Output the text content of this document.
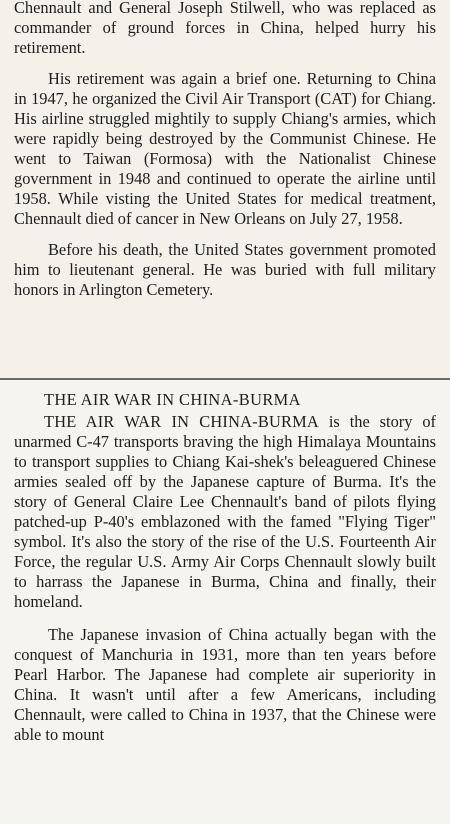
Chennault and General Joseph Stilwell, who was replaced as commander of ground forces in China, helped hurry his retirement.

His retirement was again a brief one. Returning to China in 1947, he organized the Civil Air Transport (CAT) for Chiang. His airline struggled mightily to supply Chiang's armies, which were rapidly being destroyed by the Communist Chinese. He went to Taiwan (Formosa) with the Nationalist Chinese government in 1948 and continued to operate the airline until 1958. While visting the United States for medical treatment, Chennault died of cancer in New Orleans on July 27, 1958.

Before his death, the United States government promoted him to lieutenant general. He was buried with full military honors in Arlington Cemetery.

THE AIR WAR IN CHINA-BURMA

THE AIR WAR IN CHINA-BURMA is the story of unarmed C-47 transports braving the high Himalaya Mountains to transport supplies to Chiang Kai-shek's beleaguered Chinese armies sealed off by the Japanese capture of Burma. It's the story of General Claire Lee Chennault's band of pilots flying patched-up P-40's emblazoned with the famed "Flying Tiger" symbol. It's also the story of the rise of the U.S. Fourteenth Air Force, the regular U.S. Army Air Corps Chennault slowly built to harrass the Japanese in Burma, China and finally, their homeland.

The Japanese invasion of China actually began with the conquest of Manchuria in 1931, more than ten years before Pearl Harbor. The Japanese had complete air superiority in China. It wasn't until after a few Americans, including Chennault, were called to China in 1937, that the Chinese were able to mount
